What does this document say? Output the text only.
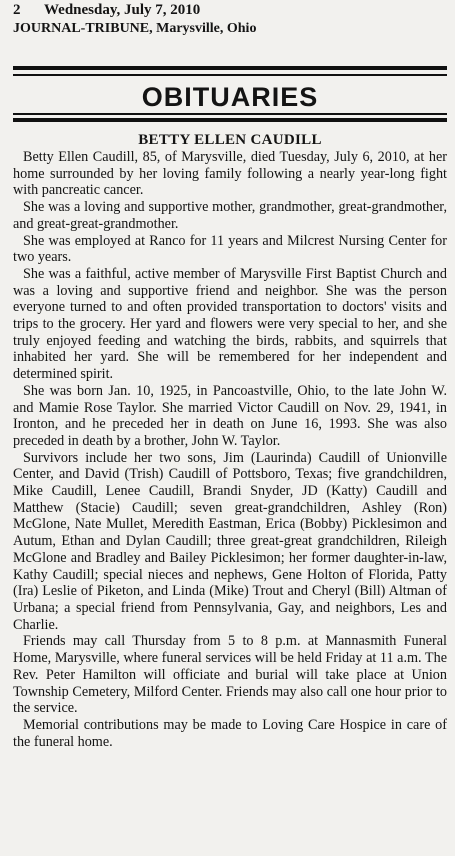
2 Wednesday, July 7, 2010
JOURNAL-TRIBUNE, Marysville, Ohio
OBITUARIES
BETTY ELLEN CAUDILL

Betty Ellen Caudill, 85, of Marysville, died Tuesday, July 6, 2010, at her home surrounded by her loving family following a nearly year-long fight with pancreatic cancer.

She was a loving and supportive mother, grandmother, great-grandmother, and great-great-grandmother.

She was employed at Ranco for 11 years and Milcrest Nursing Center for two years.

She was a faithful, active member of Marysville First Baptist Church and was a loving and supportive friend and neighbor. She was the person everyone turned to and often provided transportation to doctors' visits and trips to the grocery. Her yard and flowers were very special to her, and she truly enjoyed feeding and watching the birds, rabbits, and squirrels that inhabited her yard. She will be remembered for her independent and determined spirit.

She was born Jan. 10, 1925, in Pancoastville, Ohio, to the late John W. and Mamie Rose Taylor. She married Victor Caudill on Nov. 29, 1941, in Ironton, and he preceded her in death on June 16, 1993. She was also preceded in death by a brother, John W. Taylor.

Survivors include her two sons, Jim (Laurinda) Caudill of Unionville Center, and David (Trish) Caudill of Pottsboro, Texas; five grandchildren, Mike Caudill, Lenee Caudill, Brandi Snyder, JD (Katty) Caudill and Matthew (Stacie) Caudill; seven great-grandchildren, Ashley (Ron) McGlone, Nate Mullet, Meredith Eastman, Erica (Bobby) Picklesimon and Autum, Ethan and Dylan Caudill; three great-great grandchildren, Rileigh McGlone and Bradley and Bailey Picklesimon; her former daughter-in-law, Kathy Caudill; special nieces and nephews, Gene Holton of Florida, Patty (Ira) Leslie of Piketon, and Linda (Mike) Trout and Cheryl (Bill) Altman of Urbana; a special friend from Pennsylvania, Gay, and neighbors, Les and Charlie.

Friends may call Thursday from 5 to 8 p.m. at Mannasmith Funeral Home, Marysville, where funeral services will be held Friday at 11 a.m. The Rev. Peter Hamilton will officiate and burial will take place at Union Township Cemetery, Milford Center. Friends may also call one hour prior to the service.

Memorial contributions may be made to Loving Care Hospice in care of the funeral home.
